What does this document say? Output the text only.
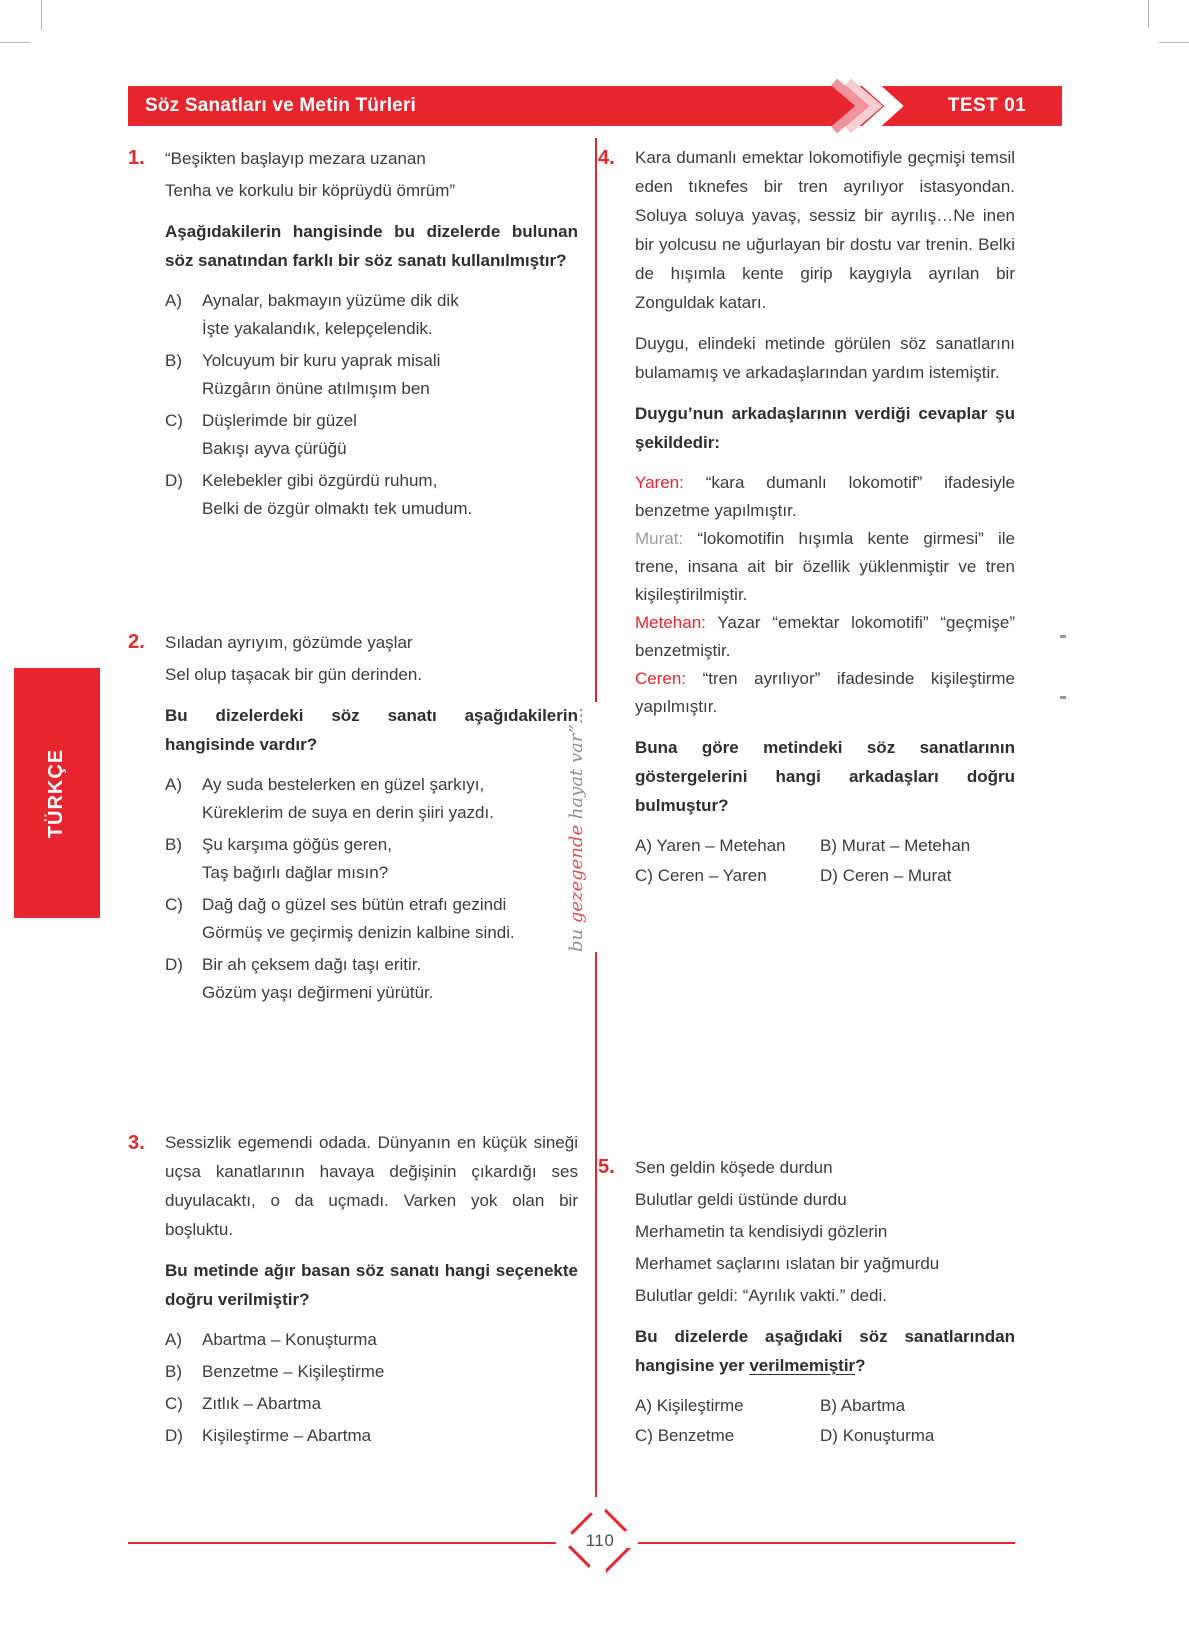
Söz Sanatları ve Metin Türleri	TEST 01
TÜRKÇE
bu gezegende hayat var”...
1.	“Beşikten başlayıp mezara uzanan
Tenha ve korkulu bir köprüydü ömrüm”

Aşağıdakilerin hangisinde bu dizelerde bulunan söz sanatından farklı bir söz sanatı kullanılmıştır?

A)	Aynalar, bakmayın yüzüme dik dik
İşte yakalandık, kelepçelendik.
B)	Yolcuyum bir kuru yaprak misali
Rüzgârın önüne atılmışım ben
C)	Düşlerimde bir güzel
Bakışı ayva çürüğü
D)	Kelebekler gibi özgürdü ruhum,
Belki de özgür olmaktı tek umudum.
2.	Sıladan ayrıyım, gözümde yaşlar
Sel olup taşacak bir gün derinden.

Bu dizelerdeki söz sanatı aşağıdakilerin hangisinde vardır?

A)	Ay suda bestelerken en güzel şarkıyı,
Küreklerim de suya en derin şiiri yazdı.
B)	Şu karşıma göğüs geren,
Taş bağırlı dağlar mısın?
C)	Dağ dağ o güzel ses bütün etrafı gezindi
Görmüş ve geçirmiş denizin kalbine sindi.
D)	Bir ah çeksem dağı taşı eritir.
Gözüm yaşı değirmeni yürütür.
3.	Sessizlik egemendi odada. Dünyanın en küçük sineği uçsa kanatlarının havaya değişinin çıkardığı ses duyulacaktı, o da uçmadı. Varken yok olan bir boşluktu.

Bu metinde ağır basan söz sanatı hangi seçenekte doğru verilmiştir?

A)	Abartma – Konuşturma
B)	Benzetme – Kişileştirme
C)	Zıtlık – Abartma
D)	Kişileştirme – Abartma
4.	Kara dumanlı emektar lokomotifiyle geçmişi temsil eden tıknefes bir tren ayrılıyor istasyondan. Soluya soluya yavaş, sessiz bir ayrılış…Ne inen bir yolcusu ne uğurlayan bir dostu var trenin. Belki de hışımla kente girip kaygıyla ayrılan bir Zonguldak katarı.

Duygu, elindeki metinde görülen söz sanatlarını bulamamış ve arkadaşlarından yardım istemiştir.

Duygu’nun arkadaşlarının verdiği cevaplar şu şekildedir:

Yaren: “kara dumanlı lokomotif” ifadesiyle benzetme yapılmıştır.

Murat: “lokomotifin hışımla kente girmesi” ile trene, insana ait bir özellik yüklenmiştir ve tren kişileştirilmiştir.

Metehan: Yazar “emektar lokomotifi” “geçmişe” benzetmiştir.

Ceren: “tren ayrılıyor” ifadesinde kişileştirme yapılmıştır.

Buna göre metindeki söz sanatlarının göstergelerini hangi arkadaşları doğru bulmuştur?

A) Yaren – Metehan	B) Murat – Metehan
C) Ceren – Yaren	D) Ceren – Murat
5.	Sen geldin köşede durdun
Bulutlar geldi üstünde durdu
Merhametin ta kendisiydi gözlerin
Merhamet saçlarını ıslatan bir yağmurdu
Bulutlar geldi: “Ayrılık vakti.” dedi.

Bu dizelerde aşağıdaki söz sanatlarından hangisine yer verilmemiştir?

A) Kişileştirme	B) Abartma
C) Benzetme	D) Konuşturma
110
